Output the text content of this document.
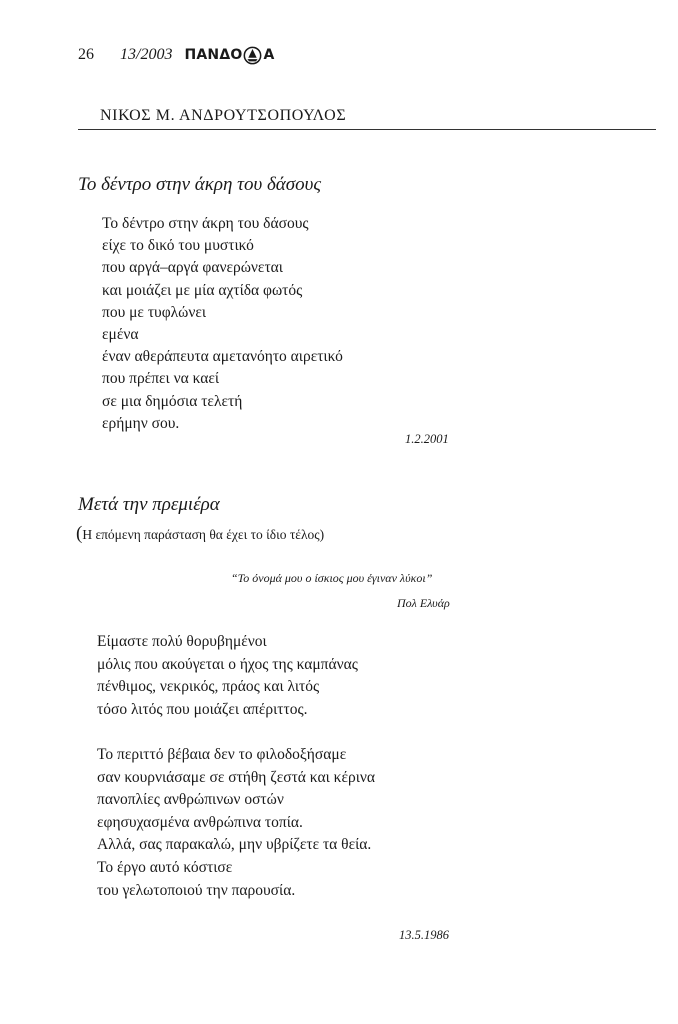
26 13/2003 ΠΑΝΔΟ Α
ΝΙΚΟΣ Μ. ΑΝΔΡΟΥΤΣΟΠΟΥΛΟΣ
Το δέντρο στην άκρη του δάσους
Το δέντρο στην άκρη του δάσους
είχε το δικό του μυστικό
που αργά–αργά φανερώνεται
και μοιάζει με μία αχτίδα φωτός
που με τυφλώνει
εμένα
έναν αθεράπευτα αμετανόητο αιρετικό
που πρέπει να καεί
σε μια δημόσια τελετή
ερήμην σου.
1.2.2001
Μετά την πρεμιέρα
(Η επόμενη παράσταση θα έχει το ίδιο τέλος)
“Το όνομά μου ο ίσκιος μου έγιναν λύκοι”
Πολ Ελυάρ
Είμαστε πολύ θορυβημένοι
μόλις που ακούγεται ο ήχος της καμπάνας
πένθιμος, νεκρικός, πράος και λιτός
τόσο λιτός που μοιάζει απέριττος.
Το περιττό βέβαια δεν το φιλοδοξήσαμε
σαν κουρνιάσαμε σε στήθη ζεστά και κέρινα
πανοπλίες ανθρώπινων οστών
εφησυχασμένα ανθρώπινα τοπία.
Αλλά, σας παρακαλώ, μην υβρίζετε τα θεία.
Το έργο αυτό κόστισε
του γελωτοποιού την παρουσία.
13.5.1986
